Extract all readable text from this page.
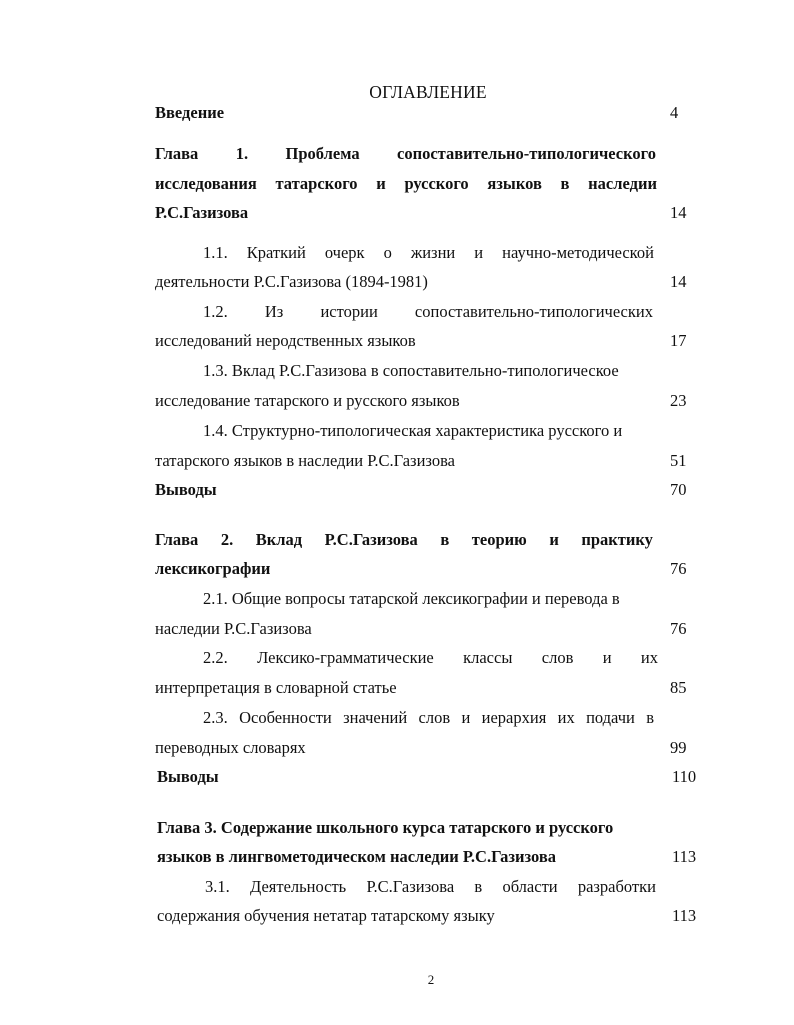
ОГЛАВЛЕНИЕ
Введение	4
Глава 1. Проблема сопоставительно-типологического
исследования татарского и русского языков в наследии
Р.С.Газизова	14
1.1. Краткий очерк о жизни и научно-методической
деятельности Р.С.Газизова (1894-1981)	14
1.2. Из истории сопоставительно-типологических
исследований неродственных языков	17
1.3. Вклад Р.С.Газизова в сопоставительно-типологическое
исследование татарского и русского языков	23
1.4. Структурно-типологическая характеристика русского и
татарского языков в наследии Р.С.Газизова	51
Выводы	70
Глава 2. Вклад Р.С.Газизова в теорию и практику
лексикографии	76
2.1. Общие вопросы татарской лексикографии и перевода в
наследии Р.С.Газизова	76
2.2. Лексико-грамматические классы слов и их
интерпретация в словарной статье	85
2.3. Особенности значений слов и иерархия их подачи в
переводных словарях	99
Выводы	110
Глава 3. Содержание школьного курса татарского и русского
языков в лингвометодическом наследии Р.С.Газизова	113
3.1. Деятельность Р.С.Газизова в области разработки
содержания обучения нетатар татарскому языку	113
2
